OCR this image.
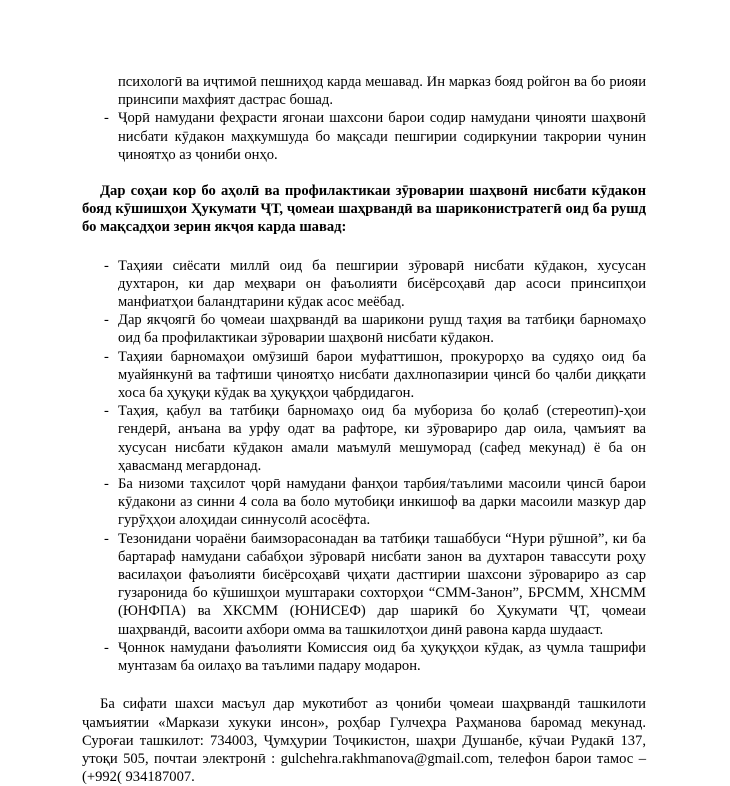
психологӣ ва иҷтимоӣ пешниҳод карда мешавад. Ин марказ бояд ройгон ва бо риояи принсипи махфият дастрас бошад.

- Ҷорӣ намудани феҳрасти ягонаи шахсони барои содир намудани ҷинояти шаҳвонӣ нисбати кӯдакон маҳкумшуда бо мақсади пешгирии содиркунии такрории чунин ҷиноятҳо аз ҷониби онҳо.

Дар соҳаи кор бо аҳолӣ ва профилактикаи зӯроварии шаҳвонӣ нисбати кӯдакон бояд кӯшишҳои Ҳукумати ҶТ, ҷомеаи шаҳрвандӣ ва шариконистратегӣ оид ба рушд бо мақсадҳои зерин якҷоя карда шавад:

- Таҳияи сиёсати миллӣ оид ба пешгирии зӯроварӣ нисбати кӯдакон, хусусан духтарон, ки дар меҳвари он фаъолияти бисёрсоҳавӣ дар асоси принсипҳои манфиатҳои баландтарини кӯдак асос меёбад.
- Дар якҷоягӣ бо ҷомеаи шаҳрвандӣ ва шарикони рушд таҳия ва татбиқи барномаҳо оид ба профилактикаи зӯроварии шаҳвонӣ нисбати кӯдакон.
- Таҳияи барномаҳои омӯзишӣ барои муфаттишон, прокурорҳо ва судяҳо оид ба муайянкунӣ ва тафтиши ҷиноятҳо нисбати дахлнопазирии ҷинсӣ бо ҷалби диққати хоса ба ҳуқуқи кӯдак ва ҳуқуқҳои ҷабрдидагон.
- Таҳия, қабул ва татбиқи барномаҳо оид ба мубориза бо қолаб (стереотип)-ҳои гендерӣ, анъана ва урфу одат ва рафторе, ки зӯровариро дар оила, ҷамъият ва хусусан нисбати кӯдакон амали маъмулӣ мешуморад (сафед мекунад) ё ба он ҳавасманд мегардонад.
- Ба низоми таҳсилот ҷорӣ намудани фанҳои тарбия/таълими масоили ҷинсӣ барои кӯдакони аз синни 4 сола ва боло мутобиқи инкишоф ва дарки масоили мазкур дар гурӯҳҳои алоҳидаи синнусолӣ асосёфта.
- Тезонидани чораёни баимзорасонадан ва татбиқи ташаббуси “Нури рӯшноӣ”, ки ба бартараф намудани сабабҳои зӯроварӣ нисбати занон ва духтарон тавассути роҳу василаҳои фаъолияти бисёрсоҳавӣ ҷиҳати дастгирии шахсони зӯровариро аз сар гузаронида бо кӯшишҳои муштараки сохторҳои “СММ-Занон”, БРСММ, ХНСММ (ЮНФПА) ва ХКСММ (ЮНИСЕФ) дар шарикӣ бо Ҳукумати ҶТ, ҷомеаи шаҳрвандӣ, васоити ахбори омма ва ташкилотҳои динӣ равона карда шудааст.
- Ҷоннок намудани фаъолияти Комиссия оид ба ҳуқуқҳои кӯдак, аз ҷумла ташрифи мунтазам ба оилаҳо ва таълими падару модарон.

Ба сифати шахси масъул дар мукотибот аз ҷониби ҷомеаи шаҳрвандӣ ташкилоти ҷамъиятии «Маркази хукуки инсон», роҳбар Гулчеҳра Раҳманова баромад мекунад. Суроғаи ташкилот: 734003, Ҷумҳурии Тоҷикистон, шаҳри Душанбе, кӯчаи Рудакӣ 137, утоқи 505, почтаи электронӣ : gulchehra.rakhmanova@gmail.com, телефон барои тамос – (+992( 934187007.
